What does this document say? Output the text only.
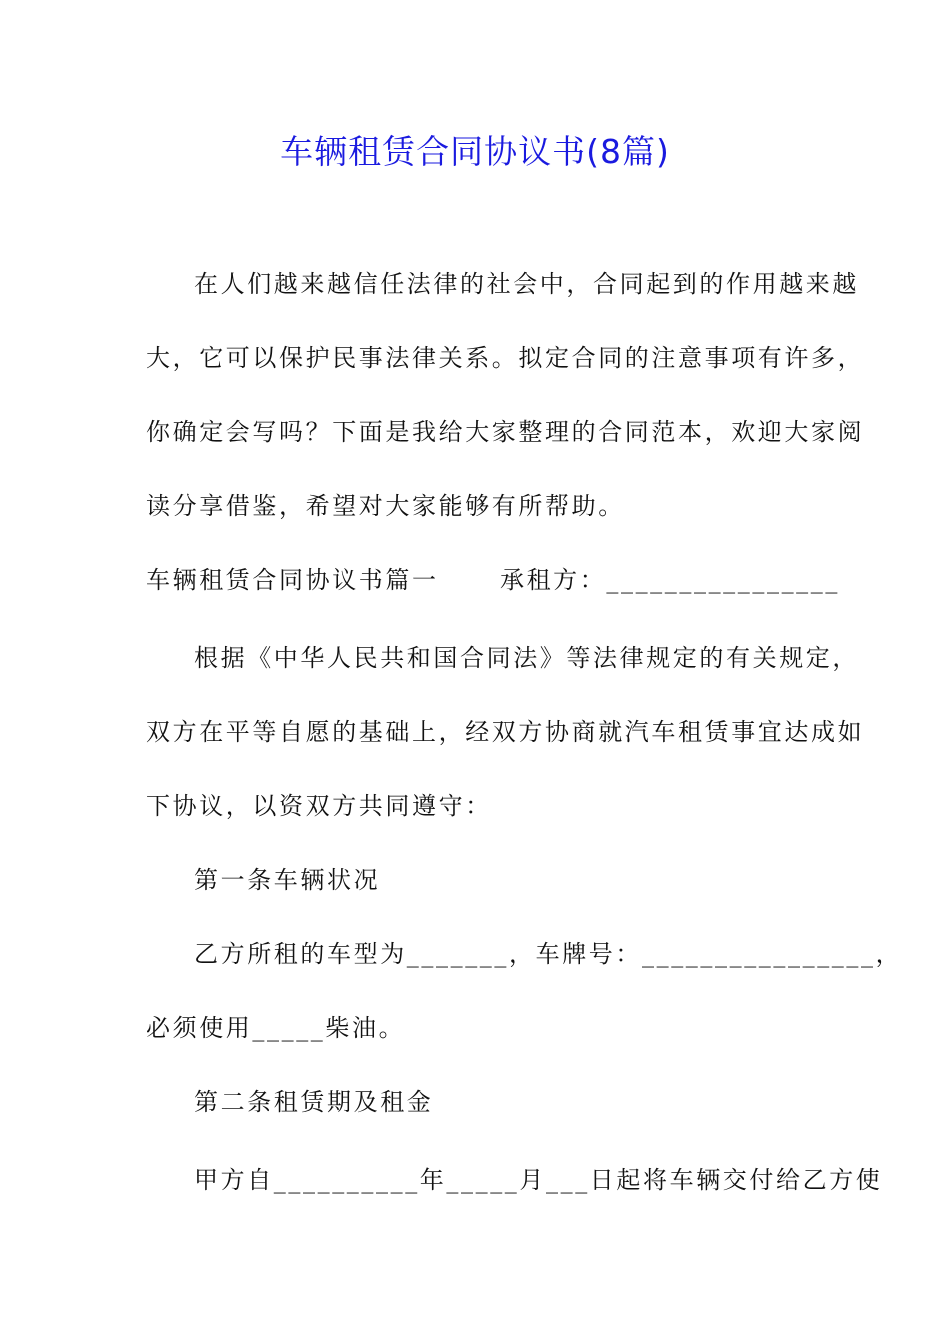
车辆租赁合同协议书(8篇)

在人们越来越信任法律的社会中，合同起到的作用越来越

大，它可以保护民事法律关系。拟定合同的注意事项有许多，

你确定会写吗？下面是我给大家整理的合同范本，欢迎大家阅

读分享借鉴，希望对大家能够有所帮助。

车辆租赁合同协议书篇一      承租方：________________

根据《中华人民共和国合同法》等法律规定的有关规定，

双方在平等自愿的基础上，经双方协商就汽车租赁事宜达成如

下协议，以资双方共同遵守：

第一条车辆状况

乙方所租的车型为_______，车牌号：________________，

必须使用_____柴油。

第二条租赁期及租金

甲方自__________年_____月___日起将车辆交付给乙方使
